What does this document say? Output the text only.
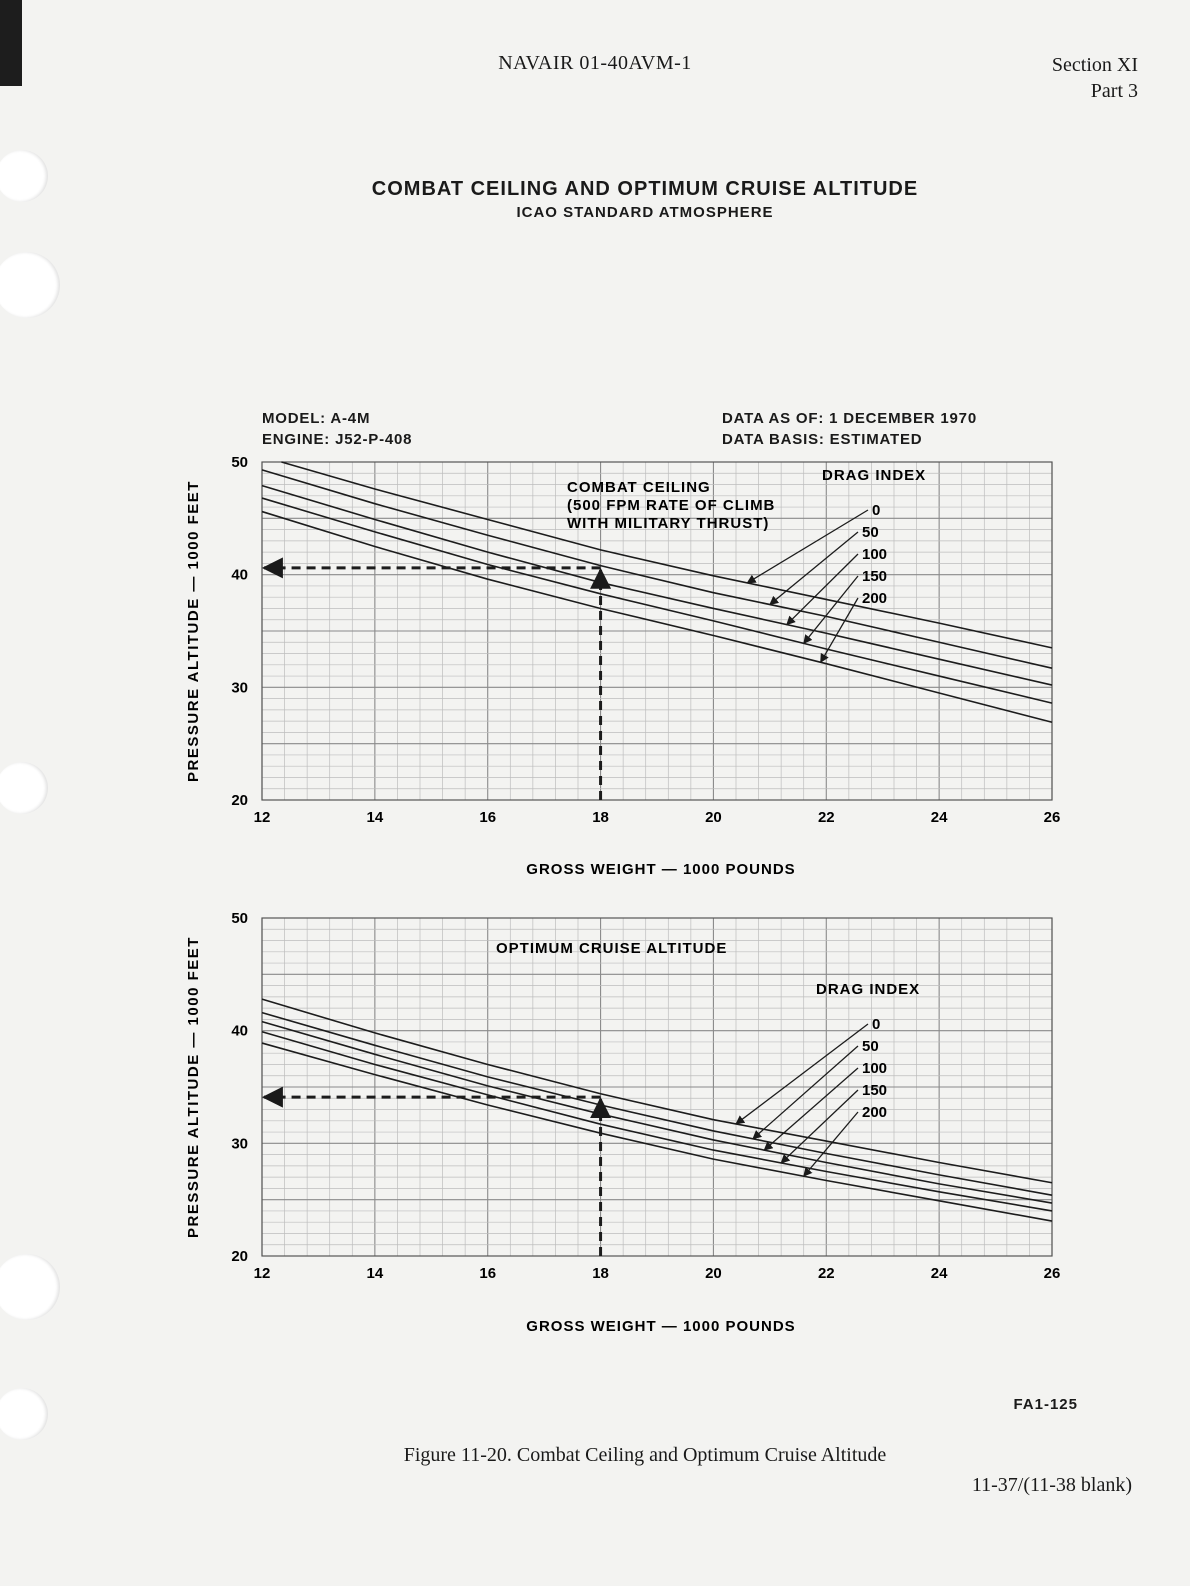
NAVAIR 01-40AVM-1	Section XI
Part 3
COMBAT CEILING AND OPTIMUM CRUISE ALTITUDE
ICAO STANDARD ATMOSPHERE
MODEL: A-4M
ENGINE: J52-P-408
DATA AS OF: 1 DECEMBER 1970
DATA BASIS: ESTIMATED
12	14	16	18	20	22	24	26
20
30
40
50
GROSS WEIGHT — 1000 POUNDS
PRESSURE ALTITUDE — 1000 FEET	COMBAT CEILING
(500 FPM RATE OF CLIMB
WITH MILITARY THRUST)
DRAG INDEX
0
50
100
150
200
12	14	16	18	20	22	24	26
20
30
40
50
GROSS WEIGHT — 1000 POUNDS
PRESSURE ALTITUDE — 1000 FEET	OPTIMUM CRUISE ALTITUDE
DRAG INDEX
0
50
100
150
200
FA1-125
Figure 11-20. Combat Ceiling and Optimum Cruise Altitude
11-37/(11-38 blank)
